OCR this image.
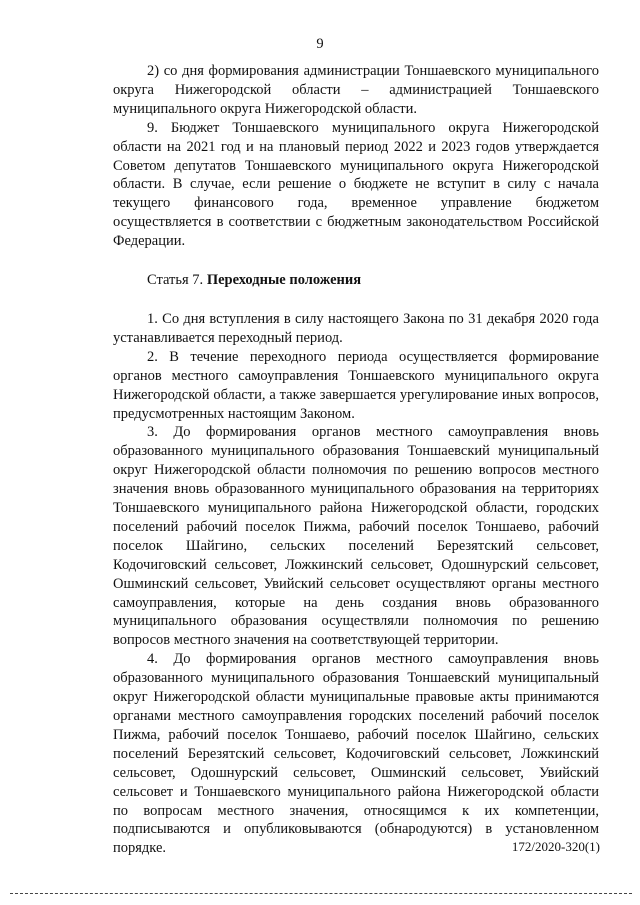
9

2) со дня формирования администрации Тоншаевского муниципального округа Нижегородской области – администрацией Тоншаевского муниципального округа Нижегородской области.

9. Бюджет Тоншаевского муниципального округа Нижегородской области на 2021 год и на плановый период 2022 и 2023 годов утверждается Советом депутатов Тоншаевского муниципального округа Нижегородской области. В случае, если решение о бюджете не вступит в силу с начала текущего финансового года, временное управление бюджетом осуществляется в соответствии с бюджетным законодательством Российской Федерации.

Статья 7. Переходные положения

1. Со дня вступления в силу настоящего Закона по 31 декабря 2020 года устанавливается переходный период.

2. В течение переходного периода осуществляется формирование органов местного самоуправления Тоншаевского муниципального округа Нижегородской области, а также завершается урегулирование иных вопросов, предусмотренных настоящим Законом.

3. До формирования органов местного самоуправления вновь образованного муниципального образования Тоншаевский муниципальный округ Нижегородской области полномочия по решению вопросов местного значения вновь образованного муниципального образования на территориях Тоншаевского муниципального района Нижегородской области, городских поселений рабочий поселок Пижма, рабочий поселок Тоншаево, рабочий поселок Шайгино, сельских поселений Березятский сельсовет, Кодочиговский сельсовет, Ложкинский сельсовет, Одошнурский сельсовет, Ошминский сельсовет, Увийский сельсовет осуществляют органы местного самоуправления, которые на день создания вновь образованного муниципального образования осуществляли полномочия по решению вопросов местного значения на соответствующей территории.

4. До формирования органов местного самоуправления вновь образованного муниципального образования Тоншаевский муниципальный округ Нижегородской области муниципальные правовые акты принимаются органами местного самоуправления городских поселений рабочий поселок Пижма, рабочий поселок Тоншаево, рабочий поселок Шайгино, сельских поселений Березятский сельсовет, Кодочиговский сельсовет, Ложкинский сельсовет, Одошнурский сельсовет, Ошминский сельсовет, Увийский сельсовет и Тоншаевского муниципального района Нижегородской области по вопросам местного значения, относящимся к их компетенции, подписываются и опубликовываются (обнародуются) в установленном порядке.	172/2020-320(1)
